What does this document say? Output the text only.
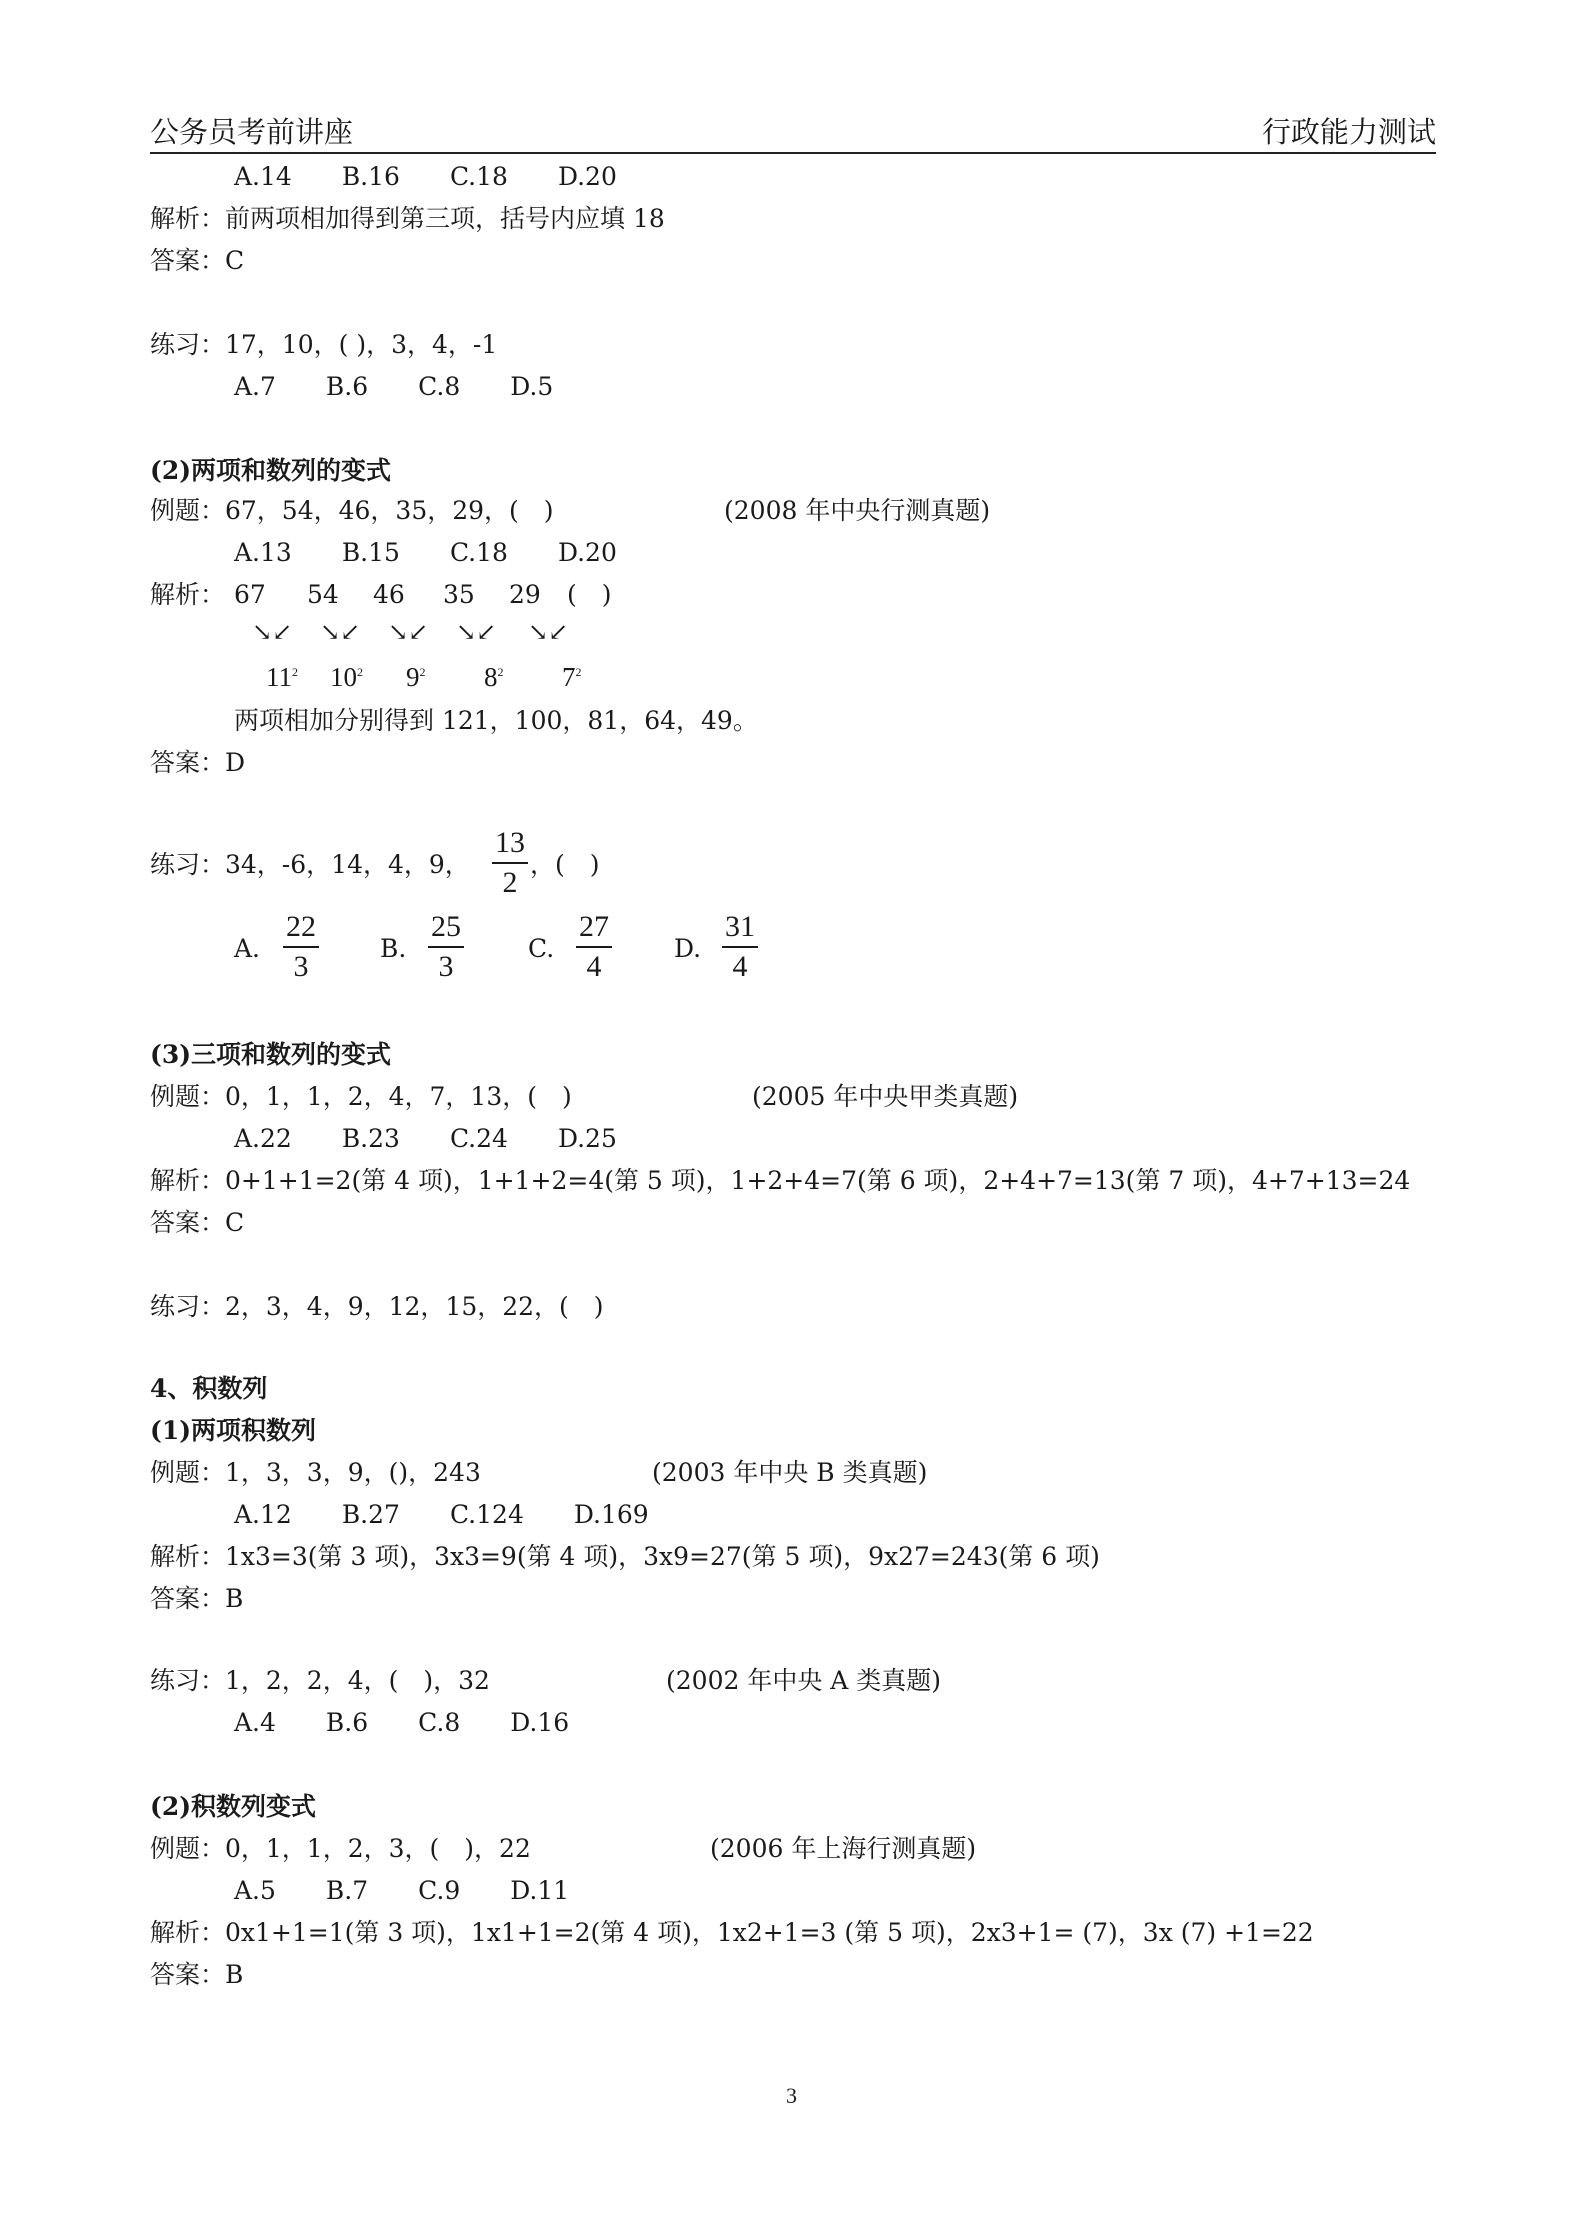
公务员考前讲座	行政能力测试
A.14　　B.16　　C.18　　D.20
解析：前两项相加得到第三项，括号内应填 18
答案：C
练习：17，10，( )，3，4，-1
A.7　　B.6　　C.8　　D.5
(2)两项和数列的变式
例题：67，54，46，35，29，(　)	(2008 年中央行测真题)
A.13　　B.15　　C.18　　D.20
解析： 67 54 46 35 29 (　)
↘↙ ↘↙ ↘↙ ↘↙ ↘↙
$11^2$ $10^2$ $9^2$ $8^2$ $7^2$
两项相加分别得到 121，100，81，64，49。
答案：D
练习：34，-6，14，4，9，
13
2
，(　)
A.
22
3
B.
25
3
C.
27
4
D.
31
4
(3)三项和数列的变式
例题：0，1，1，2，4，7，13，(　)	(2005 年中央甲类真题)
A.22　　B.23　　C.24　　D.25
解析：0+1+1=2(第 4 项)，1+1+2=4(第 5 项)，1+2+4=7(第 6 项)，2+4+7=13(第 7 项)，4+7+13=24
答案：C
练习：2，3，4，9，12，15，22，(　)
4、积数列
(1)两项积数列
例题：1，3，3，9，()，243	(2003 年中央 B 类真题)
A.12　　B.27　　C.124　　D.169
解析：1x3=3(第 3 项)，3x3=9(第 4 项)，3x9=27(第 5 项)，9x27=243(第 6 项)
答案：B
练习：1，2，2，4，(　)，32	(2002 年中央 A 类真题)
A.4　　B.6　　C.8　　D.16
(2)积数列变式
例题：0，1，1，2，3，(　)，22	(2006 年上海行测真题)
A.5　　B.7　　C.9　　D.11
解析：0x1+1=1(第 3 项)，1x1+1=2(第 4 项)，1x2+1=3 (第 5 项)，2x3+1= (7)，3x (7) +1=22
答案：B
3
